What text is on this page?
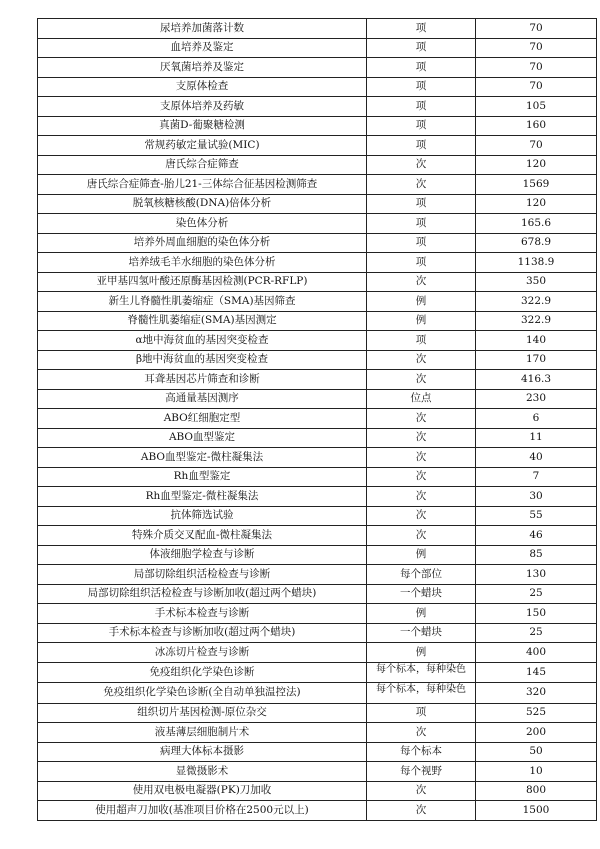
尿培养加菌落计数	项	70
血培养及鉴定	项	70
厌氧菌培养及鉴定	项	70
支原体检查	项	70
支原体培养及药敏	项	105
真菌D-葡聚糖检测	项	160
常规药敏定量试验(MIC)	项	70
唐氏综合症筛查	次	120
唐氏综合症筛查-胎儿21-三体综合征基因检测筛查	次	1569
脱氧核糖核酸(DNA)倍体分析	项	120
染色体分析	项	165.6
培养外周血细胞的染色体分析	项	678.9
培养绒毛羊水细胞的染色体分析	项	1138.9
亚甲基四氢叶酸还原酶基因检测(PCR-RFLP)	次	350
新生儿脊髓性肌萎缩症（SMA)基因筛查	例	322.9
脊髓性肌萎缩症(SMA)基因测定	例	322.9
α地中海贫血的基因突变检查	项	140
β地中海贫血的基因突变检查	次	170
耳聋基因芯片筛查和诊断	次	416.3
高通量基因测序	位点	230
ABO红细胞定型	次	6
ABO血型鉴定	次	11
ABO血型鉴定-微柱凝集法	次	40
Rh血型鉴定	次	7
Rh血型鉴定-微柱凝集法	次	30
抗体筛选试验	次	55
特殊介质交叉配血-微柱凝集法	次	46
体液细胞学检查与诊断	例	85
局部切除组织活检检查与诊断	每个部位	130
局部切除组织活检检查与诊断加收(超过两个蜡块)	一个蜡块	25
手术标本检查与诊断	例	150
手术标本检查与诊断加收(超过两个蜡块)	一个蜡块	25
冰冻切片检查与诊断	例	400
免疫组织化学染色诊断	每个标本，每种染色	145
免疫组织化学染色诊断(全自动单独温控法)	每个标本，每种染色	320
组织切片基因检测-原位杂交	项	525
液基薄层细胞制片术	次	200
病理大体标本摄影	每个标本	50
显微摄影术	每个视野	10
使用双电极电凝器(PK)刀加收	次	800
使用超声刀加收(基准项目价格在2500元以上)	次	1500
